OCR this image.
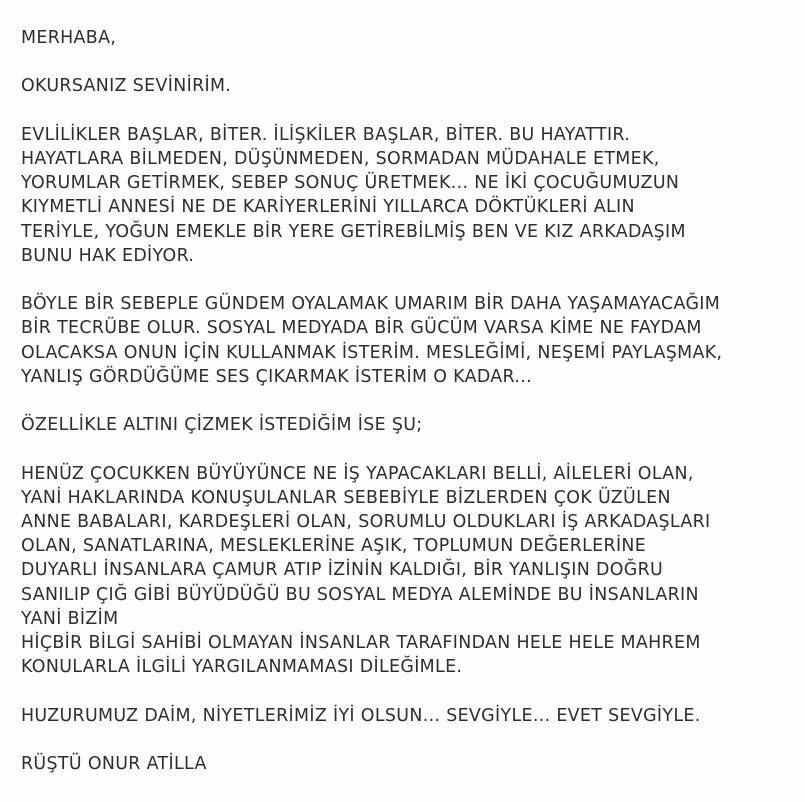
MERHABA,

OKURSANIZ SEVİNİRİM.

EVLİLİKLER BAŞLAR, BİTER. İLİŞKİLER BAŞLAR, BİTER. BU HAYATTIR.
HAYATLARA BİLMEDEN, DÜŞÜNMEDEN, SORMADAN MÜDAHALE ETMEK,
YORUMLAR GETİRMEK, SEBEP SONUÇ ÜRETMEK... NE İKİ ÇOCUĞUMUZUN
KIYMETLİ ANNESİ NE DE KARİYERLERİNİ YILLARCA DÖKTÜKLERİ ALIN
TERİYLE, YOĞUN EMEKLE BİR YERE GETİREBİLMİŞ BEN VE KIZ ARKADAŞIM
BUNU HAK EDİYOR.

BÖYLE BİR SEBEPLE GÜNDEM OYALAMAK UMARIM BİR DAHA YAŞAMAYACAĞIM
BİR TECRÜBE OLUR. SOSYAL MEDYADA BİR GÜCÜM VARSA KİME NE FAYDAM
OLACAKSA ONUN İÇİN KULLANMAK İSTERİM. MESLEĞİMİ, NEŞEMİ PAYLAŞMAK,
YANLIŞ GÖRDÜĞÜME SES ÇIKARMAK İSTERİM O KADAR...

ÖZELLİKLE ALTINI ÇİZMEK İSTEDİĞİM İSE ŞU;

HENÜZ ÇOCUKKEN BÜYÜYÜNCE NE İŞ YAPACAKLARI BELLİ, AİLELERİ OLAN,
YANİ HAKLARINDA KONUŞULANLAR SEBEBİYLE BİZLERDEN ÇOK ÜZÜLEN
ANNE BABALARI, KARDEŞLERİ OLAN, SORUMLU OLDUKLARI İŞ ARKADAŞLARI
OLAN, SANATLARINA, MESLEKLERİNE AŞIK, TOPLUMUN DEĞERLERİNE
DUYARLI İNSANLARA ÇAMUR ATIP İZİNİN KALDIĞI, BİR YANLIŞIN DOĞRU
SANILIP ÇIĞ GİBİ BÜYÜDÜĞÜ BU SOSYAL MEDYA ALEMİNDE BU İNSANLARIN
YANİ BİZİM
HİÇBİR BİLGİ SAHİBİ OLMAYAN İNSANLAR TARAFINDAN HELE HELE MAHREM
KONULARLA İLGİLİ YARGILANMAMASI DİLEĞİMLE.

HUZURUMUZ DAİM, NİYETLERİMİZ İYİ OLSUN... SEVGİYLE... EVET SEVGİYLE.

RÜŞTÜ ONUR ATİLLA
